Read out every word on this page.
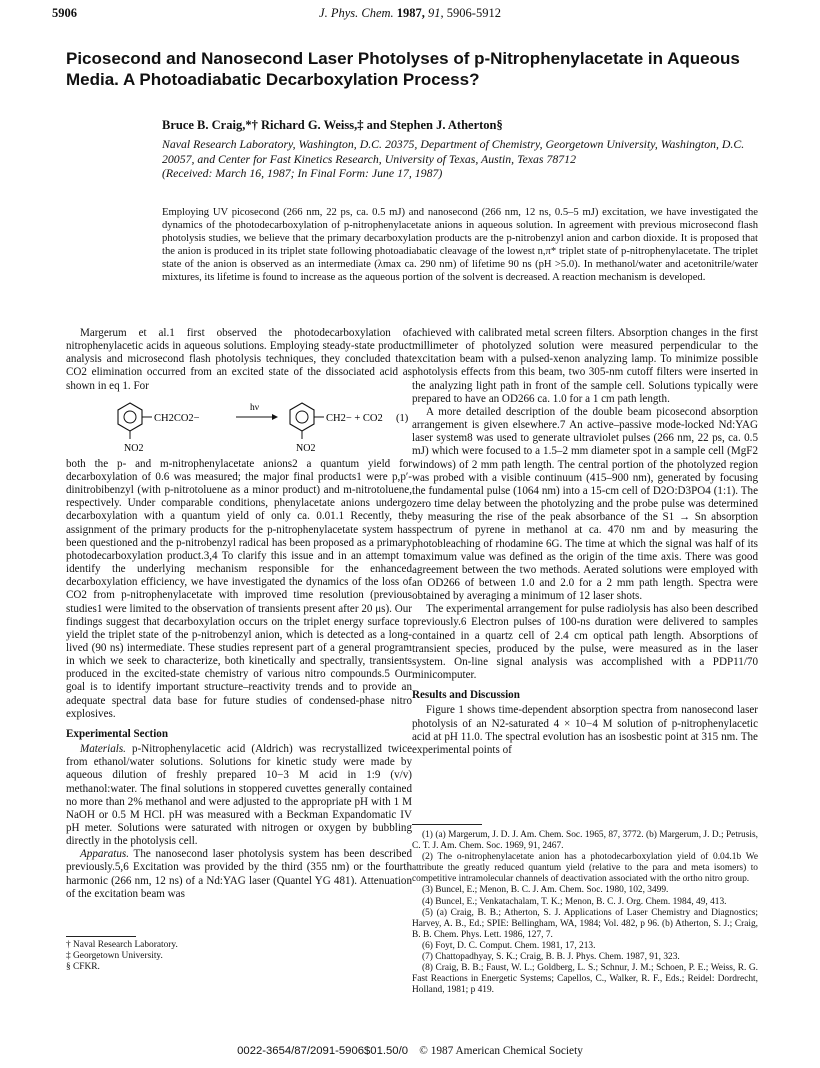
5906	J. Phys. Chem. 1987, 91, 5906-5912
Picosecond and Nanosecond Laser Photolyses of p-Nitrophenylacetate in Aqueous Media. A Photoadiabatic Decarboxylation Process?
Bruce B. Craig,*† Richard G. Weiss,‡ and Stephen J. Atherton§
Naval Research Laboratory, Washington, D.C. 20375, Department of Chemistry, Georgetown University, Washington, D.C. 20057, and Center for Fast Kinetics Research, University of Texas, Austin, Texas 78712
(Received: March 16, 1987; In Final Form: June 17, 1987)
Employing UV picosecond (266 nm, 22 ps, ca. 0.5 mJ) and nanosecond (266 nm, 12 ns, 0.5–5 mJ) excitation, we have investigated the dynamics of the photodecarboxylation of p-nitrophenylacetate anions in aqueous solution. In agreement with previous microsecond flash photolysis studies, we believe that the primary decarboxylation products are the p-nitrobenzyl anion and carbon dioxide. It is proposed that the anion is produced in its triplet state following photoadiabatic cleavage of the lowest n,π* triplet state of p-nitrophenylacetate. The triplet state of the anion is observed as an intermediate (λmax ca. 290 nm) of lifetime 90 ns (pH >5.0). In methanol/water and acetonitrile/water mixtures, its lifetime is found to increase as the aqueous portion of the solvent is decreased. A reaction mechanism is developed.

Margerum et al.1 first observed the photodecarboxylation of nitrophenylacetic acids in aqueous solutions. Employing steady-state product analysis and microsecond flash photolysis techniques, they concluded that CO2 elimination occurred from an excited state of the dissociated acid as shown in eq 1. For

CH2CO2−
NO2
hν
CH2− + CO2
NO2
(1)

both the p- and m-nitrophenylacetate anions2 a quantum yield for decarboxylation of 0.6 was measured; the major final products1 were p,p′-dinitrobibenzyl (with p-nitrotoluene as a minor product) and m-nitrotoluene, respectively. Under comparable conditions, phenylacetate anions undergo decarboxylation with a quantum yield of only ca. 0.01.1 Recently, the assignment of the primary products for the p-nitrophenylacetate system has been questioned and the p-nitrobenzyl radical has been proposed as a primary photodecarboxylation product.3,4 To clarify this issue and in an attempt to identify the underlying mechanism responsible for the enhanced decarboxylation efficiency, we have investigated the dynamics of the loss of CO2 from p-nitrophenylacetate with improved time resolution (previous studies1 were limited to the observation of transients present after 20 μs). Our findings suggest that decarboxylation occurs on the triplet energy surface to yield the triplet state of the p-nitrobenzyl anion, which is detected as a long-lived (90 ns) intermediate. These studies represent part of a general program in which we seek to characterize, both kinetically and spectrally, transients produced in the excited-state chemistry of various nitro compounds.5 Our goal is to identify important structure–reactivity trends and to provide an adequate spectral data base for future studies of condensed-phase nitro explosives.

Experimental Section

Materials. p-Nitrophenylacetic acid (Aldrich) was recrystallized twice from ethanol/water solutions. Solutions for kinetic study were made by aqueous dilution of freshly prepared 10−3 M acid in 1:9 (v/v) methanol:water. The final solutions in stoppered cuvettes generally contained no more than 2% methanol and were adjusted to the appropriate pH with 1 M NaOH or 0.5 M HCl. pH was measured with a Beckman Expandomatic IV pH meter. Solutions were saturated with nitrogen or oxygen by bubbling directly in the photolysis cell.

Apparatus. The nanosecond laser photolysis system has been described previously.5,6 Excitation was provided by the third (355 nm) or the fourth harmonic (266 nm, 12 ns) of a Nd:YAG laser (Quantel YG 481). Attenuation of the excitation beam was

† Naval Research Laboratory.
‡ Georgetown University.
§ CFKR.

achieved with calibrated metal screen filters. Absorption changes in the first millimeter of photolyzed solution were measured perpendicular to the excitation beam with a pulsed-xenon analyzing lamp. To minimize possible photolysis effects from this beam, two 305-nm cutoff filters were inserted in the analyzing light path in front of the sample cell. Solutions typically were prepared to have an OD266 ca. 1.0 for a 1 cm path length.

A more detailed description of the double beam picosecond absorption arrangement is given elsewhere.7 An active–passive mode-locked Nd:YAG laser system8 was used to generate ultraviolet pulses (266 nm, 22 ps, ca. 0.5 mJ) which were focused to a 1.5–2 mm diameter spot in a sample cell (MgF2 windows) of 2 mm path length. The central portion of the photolyzed region was probed with a visible continuum (415–900 nm), generated by focusing the fundamental pulse (1064 nm) into a 15-cm cell of D2O:D3PO4 (1:1). The zero time delay between the photolyzing and the probe pulse was determined by measuring the rise of the peak absorbance of the S1 → Sn absorption spectrum of pyrene in methanol at ca. 470 nm and by measuring the photobleaching of rhodamine 6G. The time at which the signal was half of its maximum value was defined as the origin of the time axis. There was good agreement between the two methods. Aerated solutions were employed with an OD266 of between 1.0 and 2.0 for a 2 mm path length. Spectra were obtained by averaging a minimum of 12 laser shots.

The experimental arrangement for pulse radiolysis has also been described previously.6 Electron pulses of 100-ns duration were delivered to samples contained in a quartz cell of 2.4 cm optical path length. Absorptions of transient species, produced by the pulse, were measured as in the laser system. On-line signal analysis was accomplished with a PDP11/70 minicomputer.

Results and Discussion

Figure 1 shows time-dependent absorption spectra from nanosecond laser photolysis of an N2-saturated 4 × 10−4 M solution of p-nitrophenylacetic acid at pH 11.0. The spectral evolution has an isosbestic point at 315 nm. The experimental points of

(1) (a) Margerum, J. D. J. Am. Chem. Soc. 1965, 87, 3772. (b) Margerum, J. D.; Petrusis, C. T. J. Am. Chem. Soc. 1969, 91, 2467.

(2) The o-nitrophenylacetate anion has a photodecarboxylation yield of 0.04.1b We attribute the greatly reduced quantum yield (relative to the para and meta isomers) to competitive intramolecular channels of deactivation associated with the ortho nitro group.

(3) Buncel, E.; Menon, B. C. J. Am. Chem. Soc. 1980, 102, 3499.

(4) Buncel, E.; Venkatachalam, T. K.; Menon, B. C. J. Org. Chem. 1984, 49, 413.

(5) (a) Craig, B. B.; Atherton, S. J. Applications of Laser Chemistry and Diagnostics; Harvey, A. B., Ed.; SPIE: Bellingham, WA, 1984; Vol. 482, p 96. (b) Atherton, S. J.; Craig, B. B. Chem. Phys. Lett. 1986, 127, 7.

(6) Foyt, D. C. Comput. Chem. 1981, 17, 213.

(7) Chattopadhyay, S. K.; Craig, B. B. J. Phys. Chem. 1987, 91, 323.

(8) Craig, B. B.; Faust, W. L.; Goldberg, L. S.; Schnur, J. M.; Schoen, P. E.; Weiss, R. G. Fast Reactions in Energetic Systems; Capellos, C., Walker, R. F., Eds.; Reidel: Dordrecht, Holland, 1981; p 419.

0022-3654/87/2091-5906$01.50/0 © 1987 American Chemical Society
